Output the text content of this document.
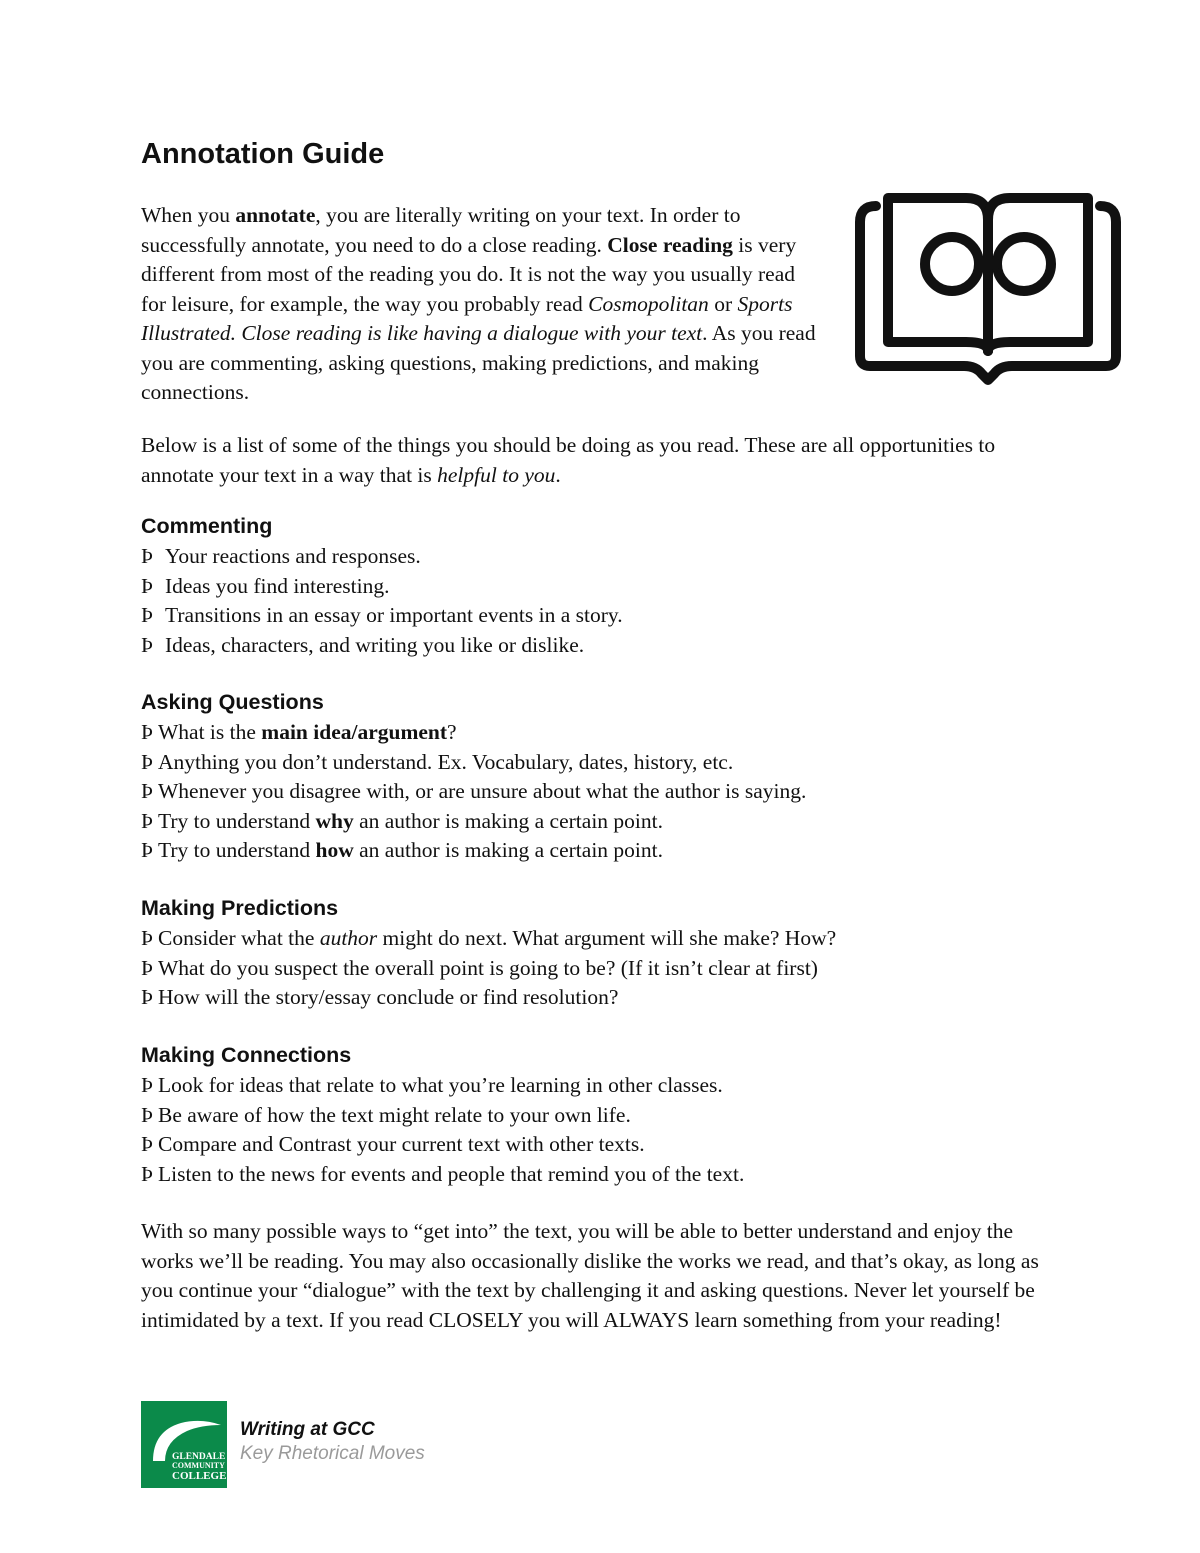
Annotation Guide

When you annotate, you are literally writing on your text. In order to successfully annotate, you need to do a close reading. Close reading is very different from most of the reading you do. It is not the way you usually read for leisure, for example, the way you probably read Cosmopolitan or Sports Illustrated. Close reading is like having a dialogue with your text. As you read you are commenting, asking questions, making predictions, and making connections.

Below is a list of some of the things you should be doing as you read. These are all opportunities to annotate your text in a way that is helpful to you.

Commenting
Þ Your reactions and responses.
Þ Ideas you find interesting.
Þ Transitions in an essay or important events in a story.
Þ Ideas, characters, and writing you like or dislike.
Asking Questions
Þ What is the main idea/argument?
Þ Anything you don’t understand. Ex. Vocabulary, dates, history, etc.
Þ Whenever you disagree with, or are unsure about what the author is saying.
Þ Try to understand why an author is making a certain point.
Þ Try to understand how an author is making a certain point.
Making Predictions
Þ Consider what the author might do next. What argument will she make? How?
Þ What do you suspect the overall point is going to be? (If it isn’t clear at first)
Þ How will the story/essay conclude or find resolution?
Making Connections
Þ Look for ideas that relate to what you’re learning in other classes.
Þ Be aware of how the text might relate to your own life.
Þ Compare and Contrast your current text with other texts.
Þ Listen to the news for events and people that remind you of the text.

With so many possible ways to “get into” the text, you will be able to better understand and enjoy the works we’ll be reading. You may also occasionally dislike the works we read, and that’s okay, as long as you continue your “dialogue” with the text by challenging it and asking questions. Never let yourself be intimidated by a text. If you read CLOSELY you will ALWAYS learn something from your reading!

GLENDALE
COMMUNITY
COLLEGE
Writing at GCC
Key Rhetorical Moves
